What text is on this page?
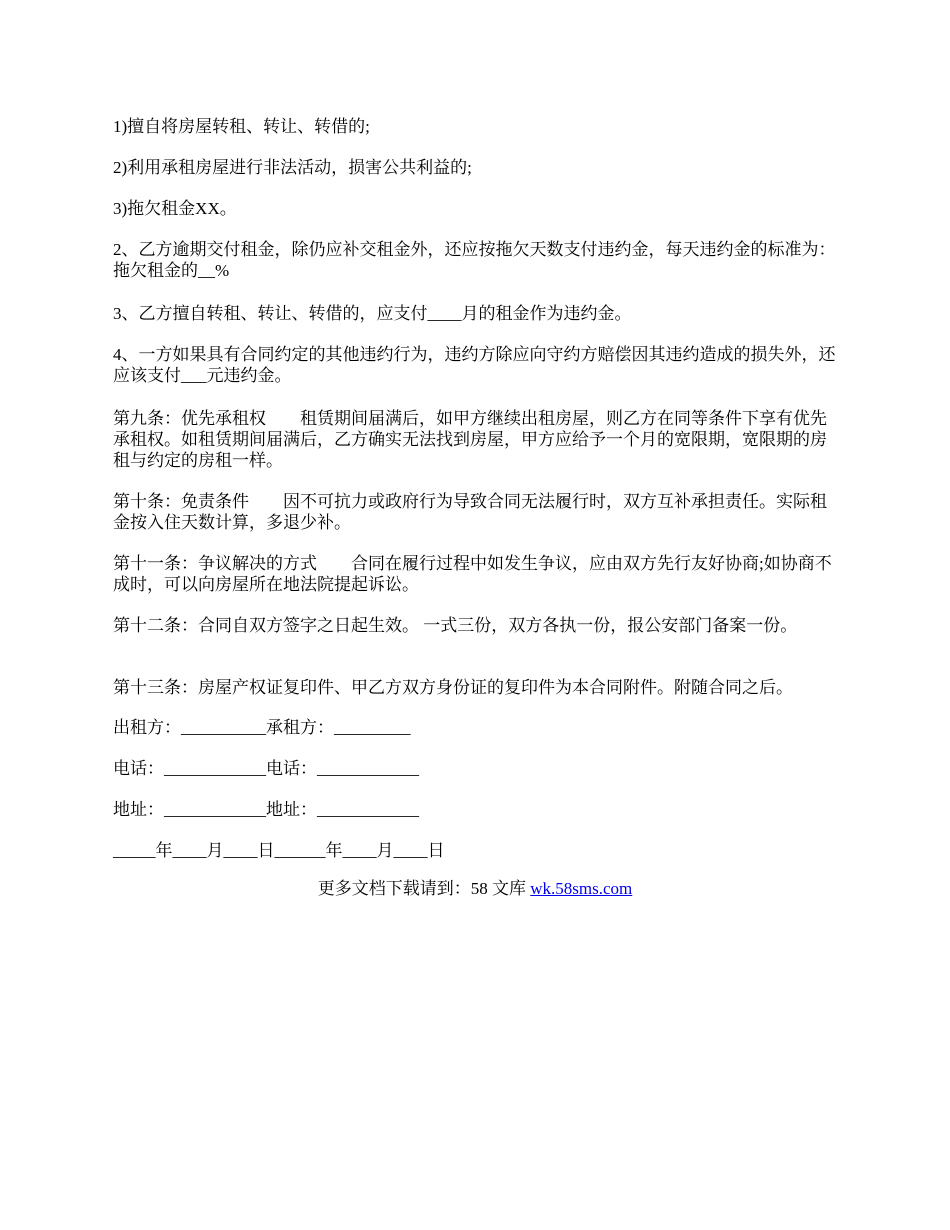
1)擅自将房屋转租、转让、转借的;

2)利用承租房屋进行非法活动，损害公共利益的;

3)拖欠租金XX。

2、乙方逾期交付租金，除仍应补交租金外，还应按拖欠天数支付违约金，每天违约金的标准为：拖欠租金的__%

3、乙方擅自转租、转让、转借的，应支付____月的租金作为违约金。

4、一方如果具有合同约定的其他违约行为，违约方除应向守约方赔偿因其违约造成的损失外，还应该支付___元违约金。

第九条：优先承租权        租赁期间届满后，如甲方继续出租房屋，则乙方在同等条件下享有优先承租权。如租赁期间届满后，乙方确实无法找到房屋，甲方应给予一个月的宽限期，宽限期的房租与约定的房租一样。

第十条：免责条件        因不可抗力或政府行为导致合同无法履行时，双方互补承担责任。实际租金按入住天数计算，多退少补。

第十一条：争议解决的方式        合同在履行过程中如发生争议，应由双方先行友好协商;如协商不成时，可以向房屋所在地法院提起诉讼。

第十二条：合同自双方签字之日起生效。 一式三份，双方各执一份，报公安部门备案一份。

第十三条：房屋产权证复印件、甲乙方双方身份证的复印件为本合同附件。附随合同之后。

出租方：__________承租方：_________

电话：____________电话：____________

地址：____________地址：____________

_____年____月____日______年____月____日

更多文档下载请到：58 文库 wk.58sms.com
